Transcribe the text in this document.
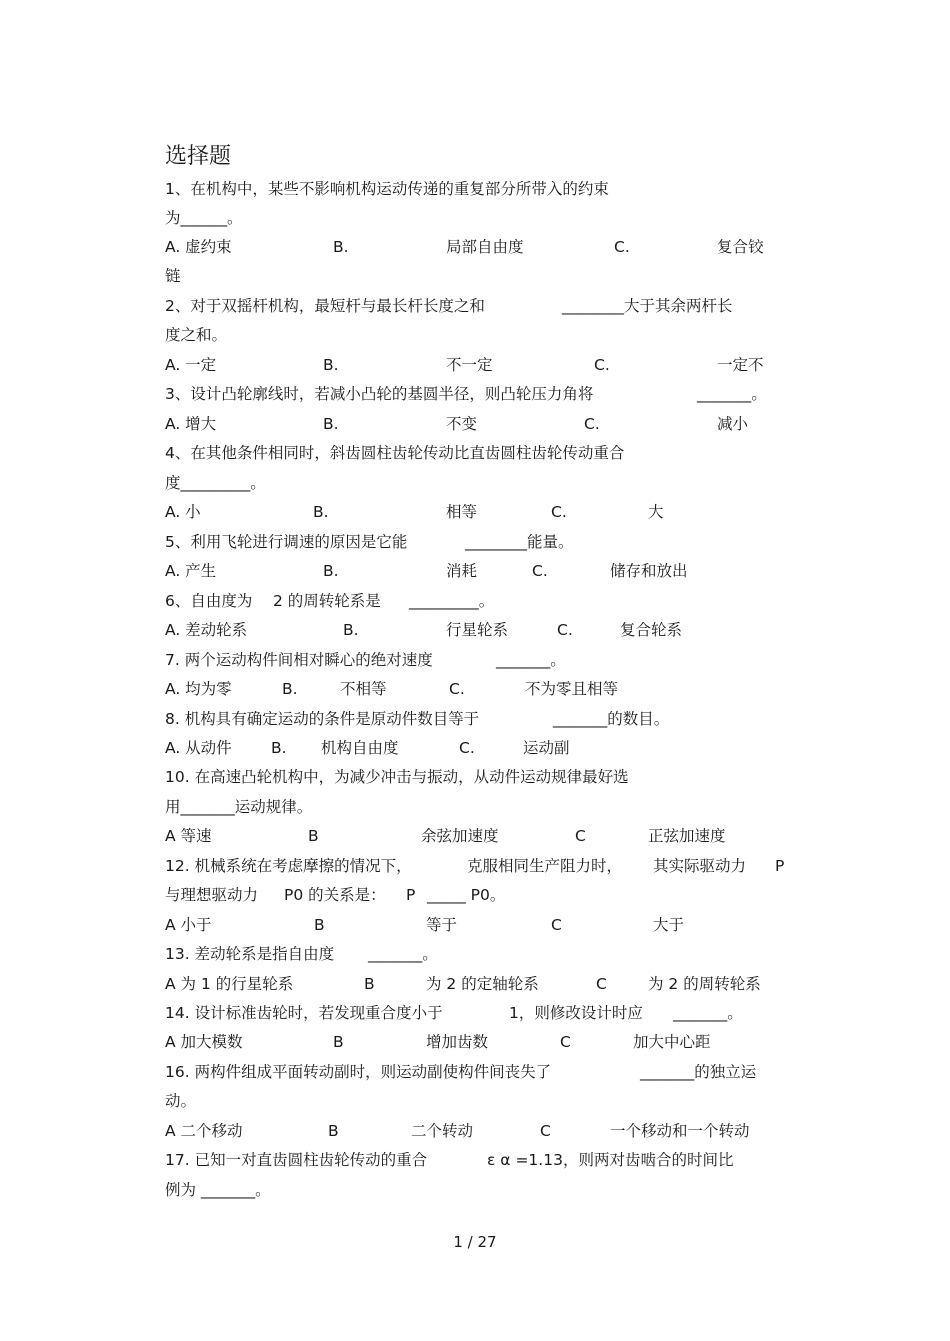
选择题
1、在机构中，某些不影响机构运动传递的重复部分所带入的约束
为______。
A. 虚约束	B.	局部自由度	C.	复合铰
链
2、对于双摇杆机构，最短杆与最长杆长度之和	________大于其余两杆长
度之和。
A. 一定	B.	不一定	C.	一定不
3、设计凸轮廓线时，若减小凸轮的基圆半径，则凸轮压力角将	_______。
A. 增大	B.	不变	C.	减小
4、在其他条件相同时，斜齿圆柱齿轮传动比直齿圆柱齿轮传动重合
度_________。
A. 小	B.	相等	C.	大
5、利用飞轮进行调速的原因是它能	________能量。
A. 产生	B.	消耗	C.	储存和放出
6、自由度为 2 的周转轮系是 _________。
A. 差动轮系	B.	行星轮系	C.	复合轮系
7. 两个运动构件间相对瞬心的绝对速度	_______。
A. 均为零	B.	不相等	C.	不为零且相等
8. 机构具有确定运动的条件是原动件数目等于	_______的数目。
A. 从动件	B. 机构自由度	C.	运动副
10. 在高速凸轮机构中，为减少冲击与振动，从动件运动规律最好选
用_______运动规律。
A 等速	B	余弦加速度	C	正弦加速度
12. 机械系统在考虑摩擦的情况下，	克服相同生产阻力时， 其实际驱动力 P
与理想驱动力 P0 的关系是： P _____ P0。
A 小于	B	等于	C	大于
13. 差动轮系是指自由度 _______。
A 为 1 的行星轮系	B	为 2 的定轴轮系	C	为 2 的周转轮系
14. 设计标准齿轮时，若发现重合度小于	1，则修改设计时应 _______。
A 加大模数	B	增加齿数	C	加大中心距
16. 两构件组成平面转动副时，则运动副使构件间丧失了	_______的独立运
动。
A 二个移动	B	二个转动	C	一个移动和一个转动
17. 已知一对直齿圆柱齿轮传动的重合	ε α =1.13，则两对齿啮合的时间比
例为 _______。
1 / 27
